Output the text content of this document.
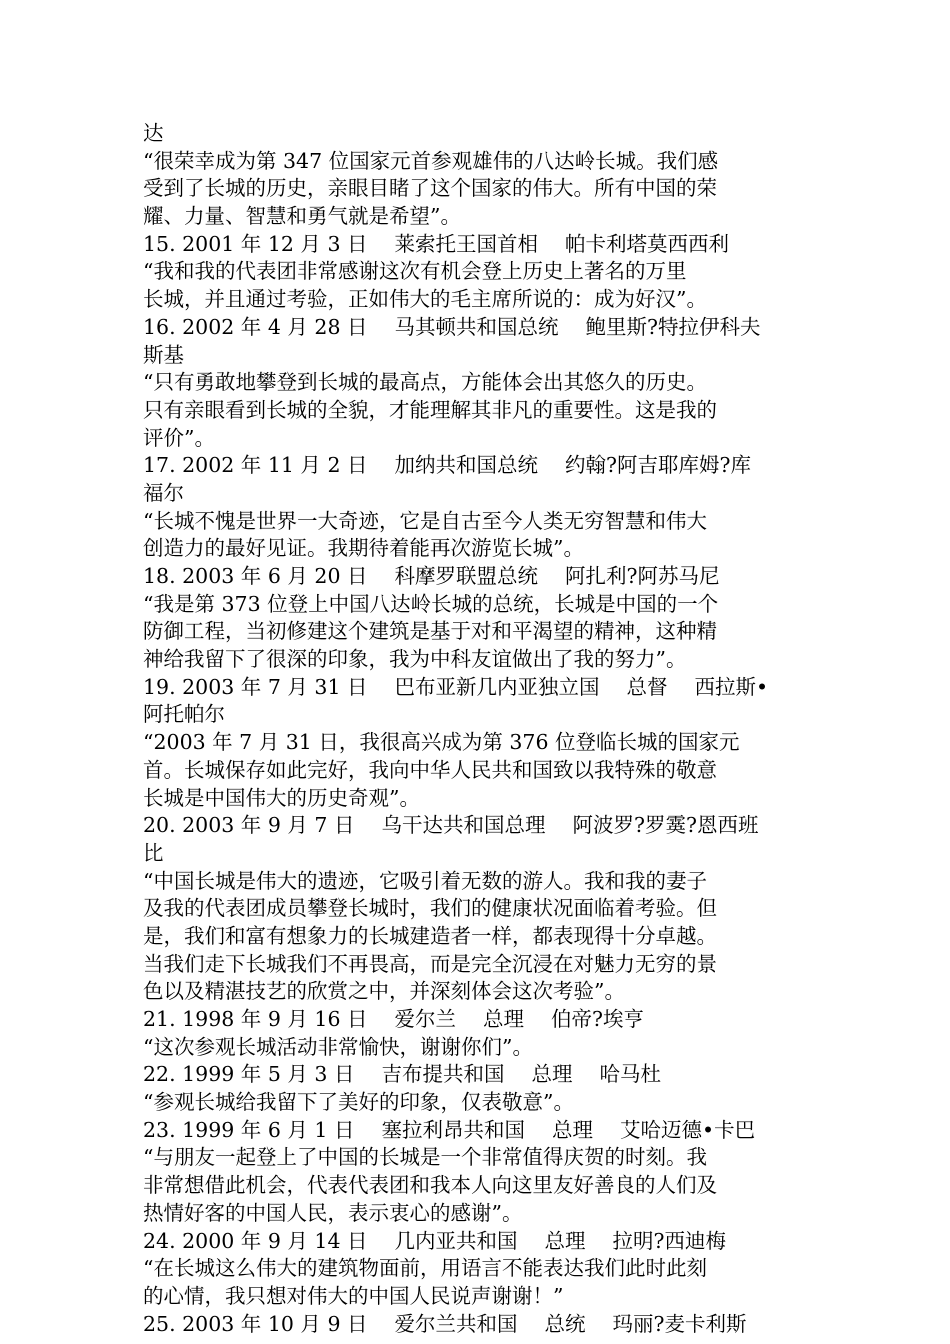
达
“很荣幸成为第 347 位国家元首参观雄伟的八达岭长城。我们感
受到了长城的历史，亲眼目睹了这个国家的伟大。所有中国的荣
耀、力量、智慧和勇气就是希望”。
15. 2001 年 12 月 3 日　 莱索托王国首相　 帕卡利塔莫西西利
“我和我的代表团非常感谢这次有机会登上历史上著名的万里
长城，并且通过考验，正如伟大的毛主席所说的：成为好汉”。
16. 2002 年 4 月 28 日　 马其顿共和国总统　 鲍里斯?特拉伊科夫
斯基
“只有勇敢地攀登到长城的最高点，方能体会出其悠久的历史。
只有亲眼看到长城的全貌，才能理解其非凡的重要性。这是我的
评价”。
17. 2002 年 11 月 2 日　 加纳共和国总统　 约翰?阿吉耶库姆?库
福尔
“长城不愧是世界一大奇迹，它是自古至今人类无穷智慧和伟大
创造力的最好见证。我期待着能再次游览长城”。
18. 2003 年 6 月 20 日　 科摩罗联盟总统　 阿扎利?阿苏马尼
“我是第 373 位登上中国八达岭长城的总统，长城是中国的一个
防御工程，当初修建这个建筑是基于对和平渴望的精神，这种精
神给我留下了很深的印象，我为中科友谊做出了我的努力”。
19. 2003 年 7 月 31 日　 巴布亚新几内亚独立国　 总督　 西拉斯•
阿托帕尔
“2003 年 7 月 31 日，我很高兴成为第 376 位登临长城的国家元
首。长城保存如此完好，我向中华人民共和国致以我特殊的敬意
长城是中国伟大的历史奇观”。
20. 2003 年 9 月 7 日　 乌干达共和国总理　 阿波罗?罗霙?恩西班
比
“中国长城是伟大的遗迹，它吸引着无数的游人。我和我的妻子
及我的代表团成员攀登长城时，我们的健康状况面临着考验。但
是，我们和富有想象力的长城建造者一样，都表现得十分卓越。
当我们走下长城我们不再畏高，而是完全沉浸在对魅力无穷的景
色以及精湛技艺的欣赏之中，并深刻体会这次考验”。
21. 1998 年 9 月 16 日　 爱尔兰　 总理　 伯帝?埃亨
“这次参观长城活动非常愉快，谢谢你们”。
22. 1999 年 5 月 3 日　 吉布提共和国　 总理　 哈马杜
“参观长城给我留下了美好的印象，仅表敬意”。
23. 1999 年 6 月 1 日　 塞拉利昂共和国　 总理　 艾哈迈德•卡巴
“与朋友一起登上了中国的长城是一个非常值得庆贺的时刻。我
非常想借此机会，代表代表团和我本人向这里友好善良的人们及
热情好客的中国人民，表示衷心的感谢”。
24. 2000 年 9 月 14 日　 几内亚共和国　 总理　 拉明?西迪梅
“在长城这么伟大的建筑物面前，用语言不能表达我们此时此刻
的心情，我只想对伟大的中国人民说声谢谢！”
25. 2003 年 10 月 9 日　 爱尔兰共和国　 总统　 玛丽?麦卡利斯
